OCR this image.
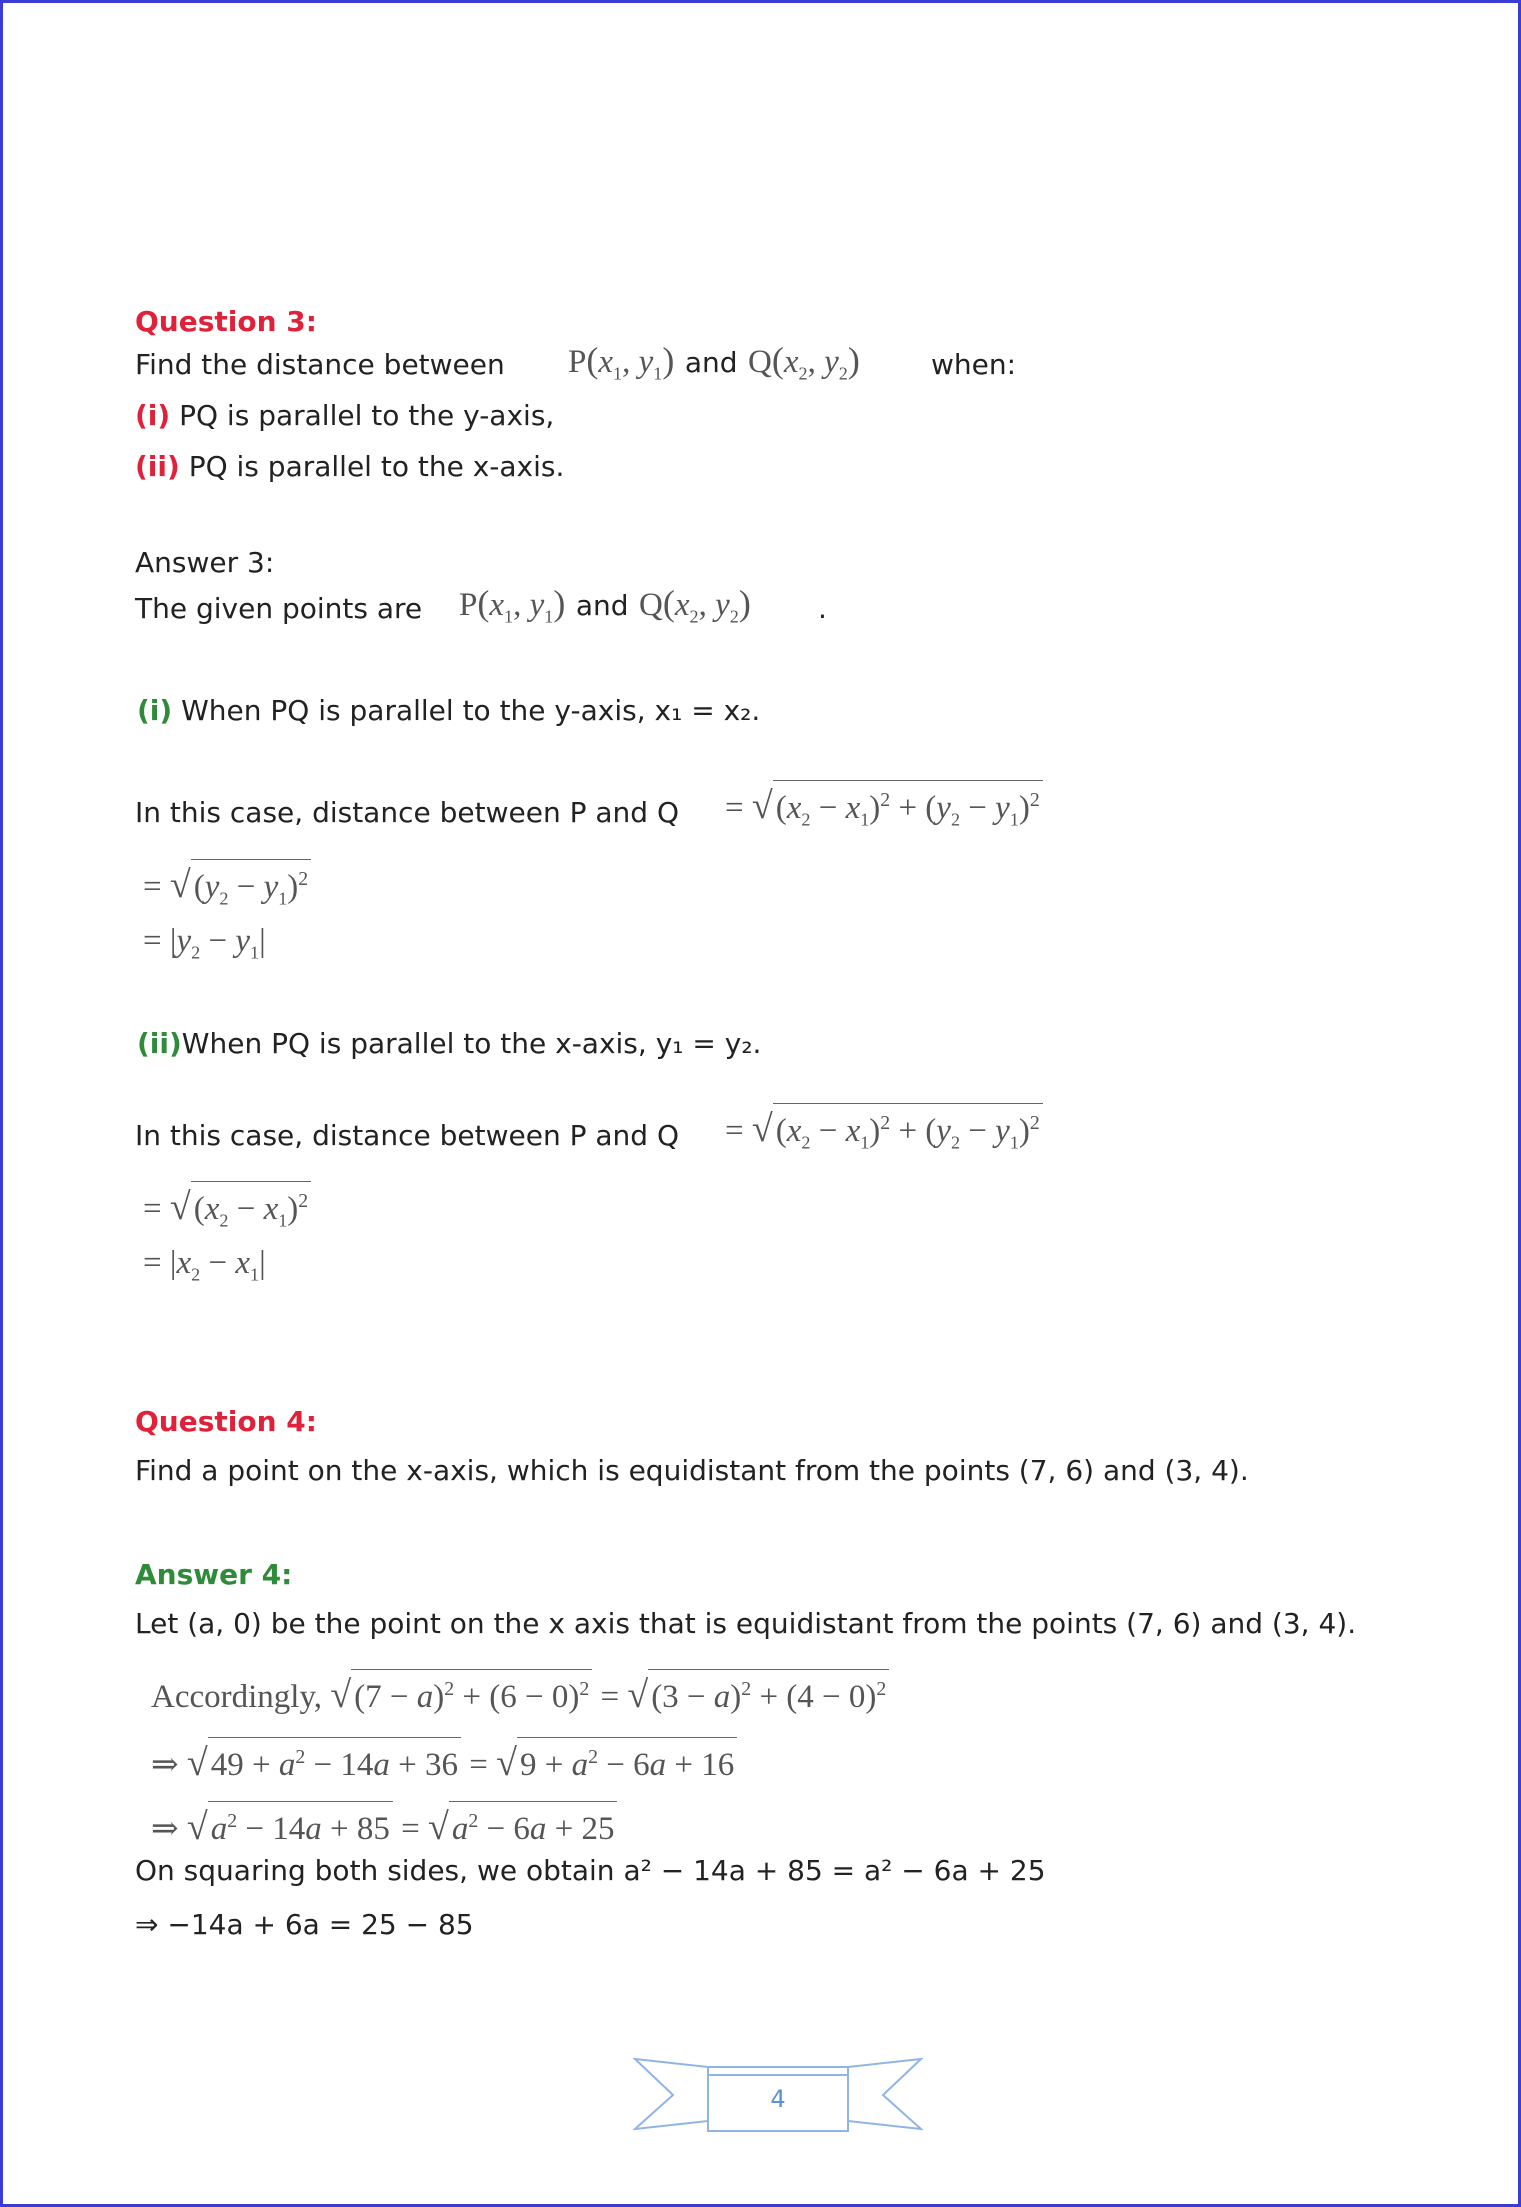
Question 3:
Find the distance between $P(x_1$, $y_1$) and $Q(x_2$, $y_2$)	when:
(i) PQ is parallel to the y-axis,
(ii) PQ is parallel to the x-axis.
Answer 3:
The given points are $P(x_1$, $y_1$) and $Q(x_2$, $y_2$) .
(i) When PQ is parallel to the y-axis, x₁ = x₂.
In this case, distance between P and $Q = √(x_2 - x_1)^2 + (y_2 - y_1)^2$
= $√(y_2 - y_1)^2$
= $|y_2 - y_1|$
(ii)When PQ is parallel to the x-axis, y₁ = y₂.
In this case, distance between P and $Q = √(x_2 - x_1)^2 + (y_2 - y_1)^2$
= $√(x_2 - x_1)^2$
= $|x_2 - x_1|$
Question 4:
Find a point on the x-axis, which is equidistant from the points (7, 6) and (3, 4).
Answer 4:
Let (a, 0) be the point on the x axis that is equidistant from the points (7, 6) and (3, 4).
Accordingly, $√(7 - a)^2 + (6 - 0)^2 = √(3 - a)^2 + (4 - 0)^2$
⇒ $√49 + a^2 - 14a + 36 = √9 + a^2 - 6a + 16$
⇒ $√a^2 - 14a + 85 = √a^2 - 6a + 25$
On squaring both sides, we obtain a² − 14a + 85 = a² − 6a + 25
⇒ −14a + 6a = 25 − 85
4
